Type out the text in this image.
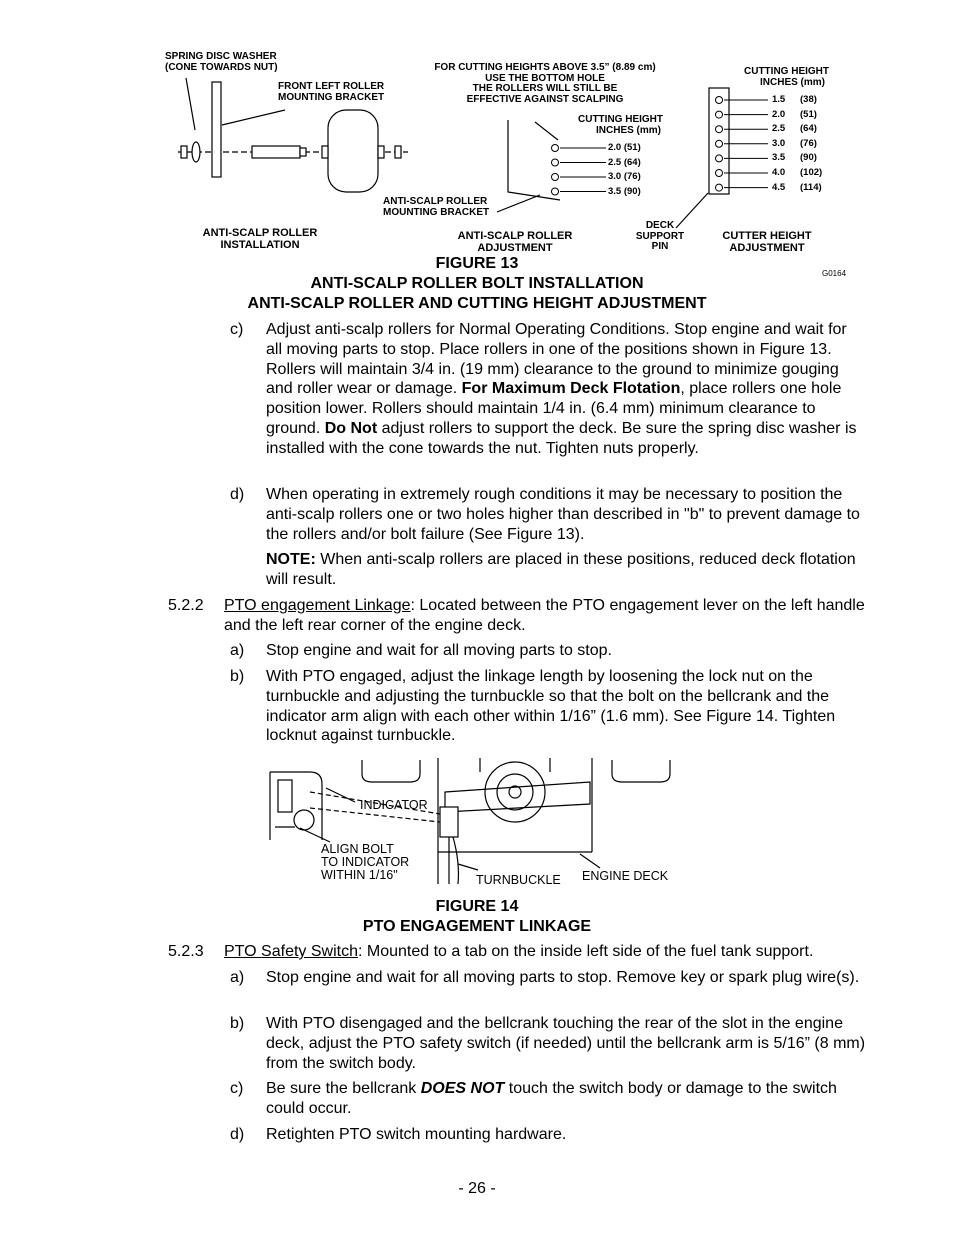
SPRING DISC WASHER
(CONE TOWARDS NUT)
FRONT LEFT ROLLER
MOUNTING BRACKET
FOR CUTTING HEIGHTS ABOVE 3.5” (8.89 cm)
USE THE BOTTOM HOLE
THE ROLLERS WILL STILL BE
EFFECTIVE AGAINST SCALPING
CUTTING HEIGHT
INCHES (mm)
ANTI-SCALP ROLLER
MOUNTING BRACKET
ANTI-SCALP ROLLER
INSTALLATION
ANTI-SCALP ROLLER
ADJUSTMENT
DECK
SUPPORT
PIN
CUTTER HEIGHT
ADJUSTMENT
CUTTING HEIGHT
INCHES (mm)
G0164
2.0 (51)
2.5 (64)
3.0 (76)
3.5 (90)
1.5 (38)
2.0 (51)
2.5 (64)
3.0 (76)
3.5 (90)
4.0 (102)
4.5 (114)
FIGURE 13
ANTI-SCALP ROLLER BOLT INSTALLATION
ANTI-SCALP ROLLER AND CUTTING HEIGHT ADJUSTMENT
c) Adjust anti-scalp rollers for Normal Operating Conditions. Stop engine and wait for all moving parts to stop. Place rollers in one of the positions shown in Figure 13. Rollers will maintain 3/4 in. (19 mm) clearance to the ground to minimize gouging and roller wear or damage. For Maximum Deck Flotation, place rollers one hole position lower. Rollers should maintain 1/4 in. (6.4 mm) minimum clearance to ground. Do Not adjust rollers to support the deck. Be sure the spring disc washer is installed with the cone towards the nut. Tighten nuts properly.
d) When operating in extremely rough conditions it may be necessary to position the anti-scalp rollers one or two holes higher than described in "b" to prevent damage to the rollers and/or bolt failure (See Figure 13).
NOTE: When anti-scalp rollers are placed in these positions, reduced deck flotation will result.
5.2.2 PTO engagement Linkage: Located between the PTO engagement lever on the left handle and the left rear corner of the engine deck.
a) Stop engine and wait for all moving parts to stop.
b) With PTO engaged, adjust the linkage length by loosening the lock nut on the turnbuckle and adjusting the turnbuckle so that the bolt on the bellcrank and the indicator arm align with each other within 1/16” (1.6 mm). See Figure 14. Tighten locknut against turnbuckle.
INDICATOR
ALIGN BOLT
TO INDICATOR
WITHIN 1/16"	TURNBUCKLE ENGINE DECK
FIGURE 14
PTO ENGAGEMENT LINKAGE
5.2.3 PTO Safety Switch: Mounted to a tab on the inside left side of the fuel tank support.
a) Stop engine and wait for all moving parts to stop. Remove key or spark plug wire(s).
b) With PTO disengaged and the bellcrank touching the rear of the slot in the engine deck, adjust the PTO safety switch (if needed) until the bellcrank arm is 5/16” (8 mm) from the switch body.
c) Be sure the bellcrank DOES NOT touch the switch body or damage to the switch could occur.
d) Retighten PTO switch mounting hardware.
- 26 -
